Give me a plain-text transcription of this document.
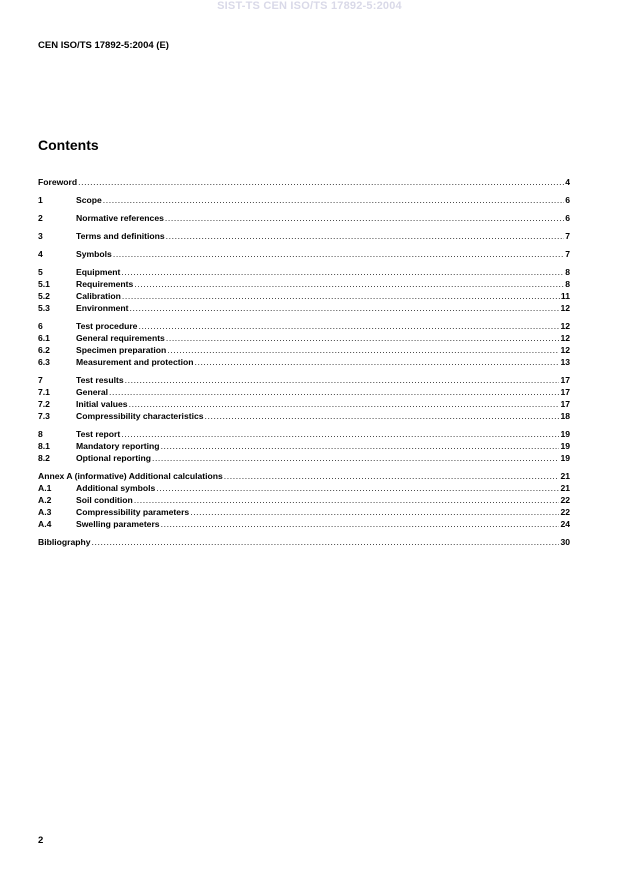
SIST-TS CEN ISO/TS 17892-5:2004
CEN ISO/TS 17892-5:2004 (E)
Contents
Foreword .....	4
1	Scope .....	6
2	Normative references .....	6
3	Terms and definitions .....	7
4	Symbols .....	7
5	Equipment .....	8
5.1	Requirements .....	8
5.2	Calibration .....	11
5.3	Environment .....	12
6	Test procedure .....	12
6.1	General requirements .....	12
6.2	Specimen preparation .....	12
6.3	Measurement and protection .....	13
7	Test results .....	17
7.1	General .....	17
7.2	Initial values .....	17
7.3	Compressibility characteristics .....	18
8	Test report .....	19
8.1	Mandatory reporting .....	19
8.2	Optional reporting .....	19
Annex A (informative) Additional calculations .....	21
A.1	Additional symbols .....	21
A.2	Soil condition .....	22
A.3	Compressibility parameters .....	22
A.4	Swelling parameters .....	24
Bibliography .....	30
2
